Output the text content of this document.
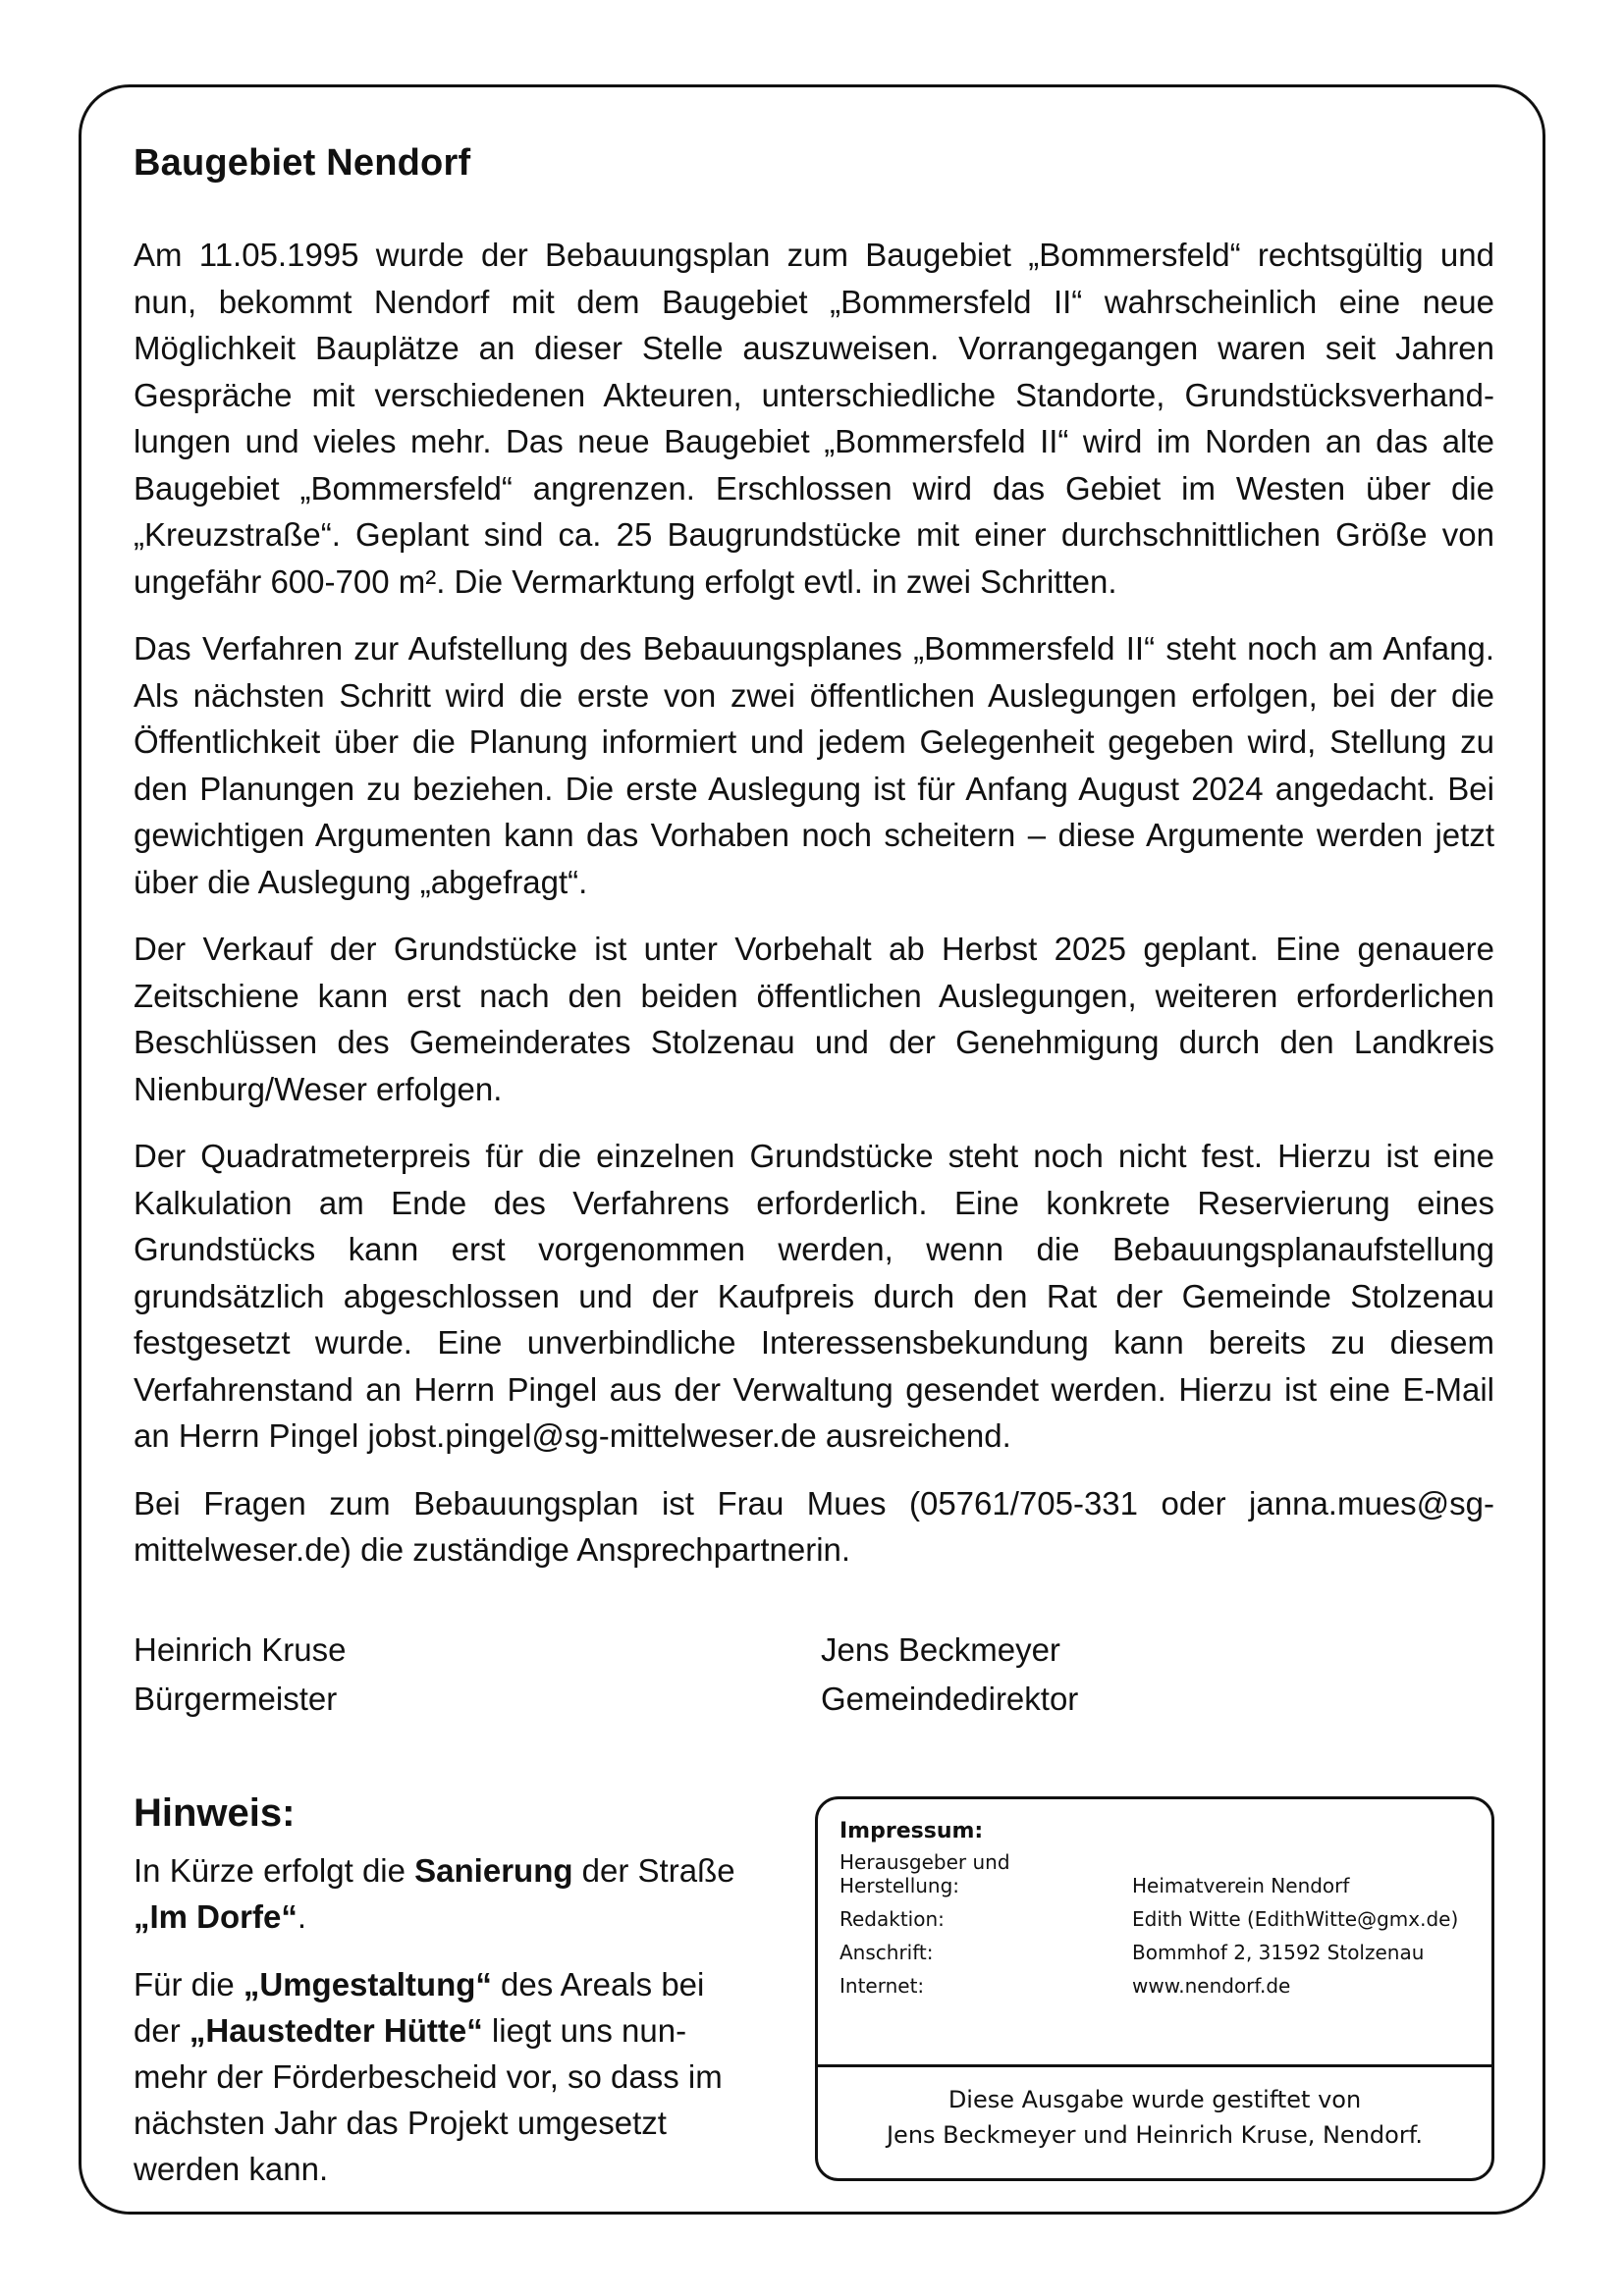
Baugebiet Nendorf

Am 11.05.1995 wurde der Bebauungsplan zum Baugebiet „Bommersfeld“ rechtsgültig und nun, bekommt Nendorf mit dem Baugebiet „Bommersfeld II“ wahrscheinlich eine neue Möglichkeit Bauplätze an dieser Stelle auszuweisen. Vorrangegangen waren seit Jahren Gespräche mit verschiedenen Akteuren, unterschiedliche Standorte, Grundstücksverhandlungen und vieles mehr. Das neue Baugebiet „Bommersfeld II“ wird im Norden an das alte Baugebiet „Bommersfeld“ angrenzen. Erschlossen wird das Gebiet im Westen über die „Kreuzstraße“. Geplant sind ca. 25 Baugrundstücke mit einer durchschnittlichen Größe von ungefähr 600-700 m². Die Vermarktung erfolgt evtl. in zwei Schritten.

Das Verfahren zur Aufstellung des Bebauungsplanes „Bommersfeld II“ steht noch am Anfang. Als nächsten Schritt wird die erste von zwei öffentlichen Auslegungen erfolgen, bei der die Öffentlichkeit über die Planung informiert und jedem Gelegenheit gegeben wird, Stellung zu den Planungen zu beziehen. Die erste Auslegung ist für Anfang August 2024 angedacht. Bei gewichtigen Argumenten kann das Vorhaben noch scheitern – diese Argumente werden jetzt über die Auslegung „abgefragt“.

Der Verkauf der Grundstücke ist unter Vorbehalt ab Herbst 2025 geplant. Eine genauere Zeitschiene kann erst nach den beiden öffentlichen Auslegungen, weiteren erforderlichen Beschlüssen des Gemeinderates Stolzenau und der Genehmigung durch den Landkreis Nienburg/Weser erfolgen.

Der Quadratmeterpreis für die einzelnen Grundstücke steht noch nicht fest. Hierzu ist eine Kalkulation am Ende des Verfahrens erforderlich. Eine konkrete Reservierung eines Grundstücks kann erst vorgenommen werden, wenn die Bebauungsplanaufstellung grundsätzlich abgeschlossen und der Kaufpreis durch den Rat der Gemeinde Stolzenau festgesetzt wurde. Eine unverbindliche Interessensbekundung kann bereits zu diesem Verfahrenstand an Herrn Pingel aus der Verwaltung gesendet werden. Hierzu ist eine E-Mail an Herrn Pingel jobst.pingel@sg-mittelweser.de ausreichend.

Bei Fragen zum Bebauungsplan ist Frau Mues (05761/705-331 oder janna.mues@sg-mittelweser.de) die zuständige Ansprechpartnerin.

Heinrich Kruse
Bürgermeister
Jens Beckmeyer
Gemeindedirektor
Hinweis:

In Kürze erfolgt die Sanierung der Straße „Im Dorfe“.

Für die „Umgestaltung“ des Areals bei der „Haustedter Hütte“ liegt uns nunmehr der Förderbescheid vor, so dass im nächsten Jahr das Projekt umgesetzt werden kann.

Impressum:
Herausgeber und
Herstellung:	Heimatverein Nendorf
Redaktion:	Edith Witte (EdithWitte@gmx.de)
Anschrift:	Bommhof 2, 31592 Stolzenau
Internet:	www.nendorf.de
Diese Ausgabe wurde gestiftet von
Jens Beckmeyer und Heinrich Kruse, Nendorf.
